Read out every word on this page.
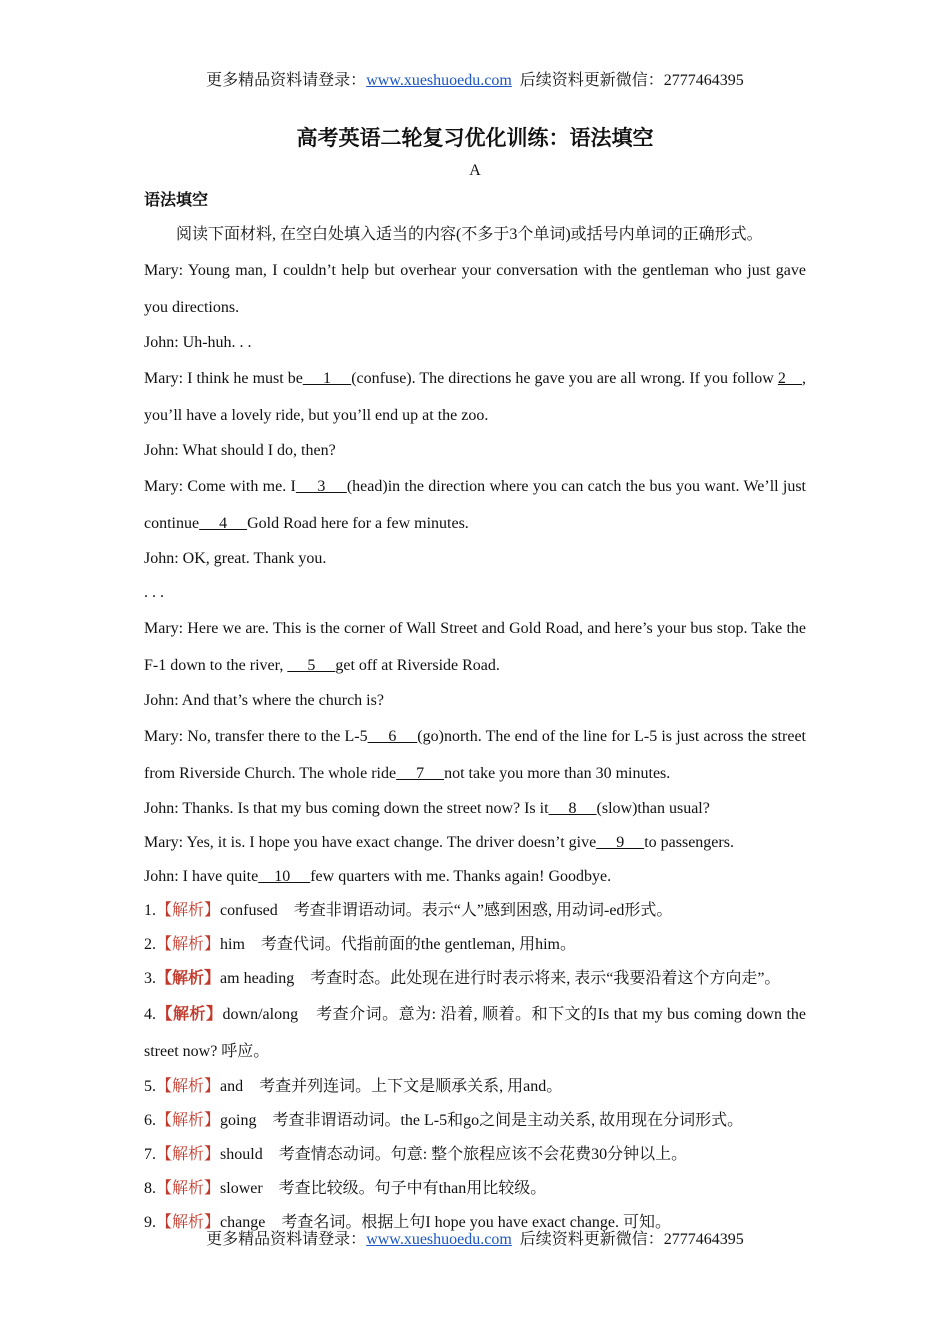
更多精品资料请登录：www.xueshuoedu.com  后续资料更新微信：2777464395
高考英语二轮复习优化训练：语法填空
A
语法填空

阅读下面材料, 在空白处填入适当的内容(不多于3个单词)或括号内单词的正确形式。

Mary: Young man, I couldn’t help but overhear your conversation with the gentleman who just gave you directions.

John: Uh-huh. . .

Mary: I think he must be     1     (confuse). The directions he gave you are all wrong. If you follow 2    , you’ll have a lovely ride, but you’ll end up at the zoo.

John: What should I do, then?

Mary: Come with me. I     3     (head)in the direction where you can catch the bus you want. We’ll just continue     4     Gold Road here for a few minutes.

John: OK, great. Thank you.

. . .

Mary: Here we are. This is the corner of Wall Street and Gold Road, and here’s your bus stop. Take the F-1 down to the river,      5     get off at Riverside Road.

John: And that’s where the church is?

Mary: No, transfer there to the L-5     6     (go)north. The end of the line for L-5 is just across the street from Riverside Church. The whole ride     7     not take you more than 30 minutes.

John: Thanks. Is that my bus coming down the street now? Is it     8     (slow)than usual?

Mary: Yes, it is. I hope you have exact change. The driver doesn’t give     9     to passengers.

John: I have quite    10     few quarters with me. Thanks again! Goodbye.

1.【解析】confused 考查非谓语动词。表示“人”感到困惑, 用动词-ed形式。

2.【解析】him 考查代词。代指前面的the gentleman, 用him。

3.【解析】am heading 考查时态。此处现在进行时表示将来, 表示“我要沿着这个方向走”。

4.【解析】down/along 考查介词。意为: 沿着, 顺着。和下文的Is that my bus coming down the street now? 呼应。

5.【解析】and 考查并列连词。上下文是顺承关系, 用and。

6.【解析】going 考查非谓语动词。the L-5和go之间是主动关系, 故用现在分词形式。

7.【解析】should 考查情态动词。句意: 整个旅程应该不会花费30分钟以上。

8.【解析】slower 考查比较级。句子中有than用比较级。

9.【解析】change 考查名词。根据上句I hope you have exact change. 可知。

更多精品资料请登录：www.xueshuoedu.com  后续资料更新微信：2777464395
